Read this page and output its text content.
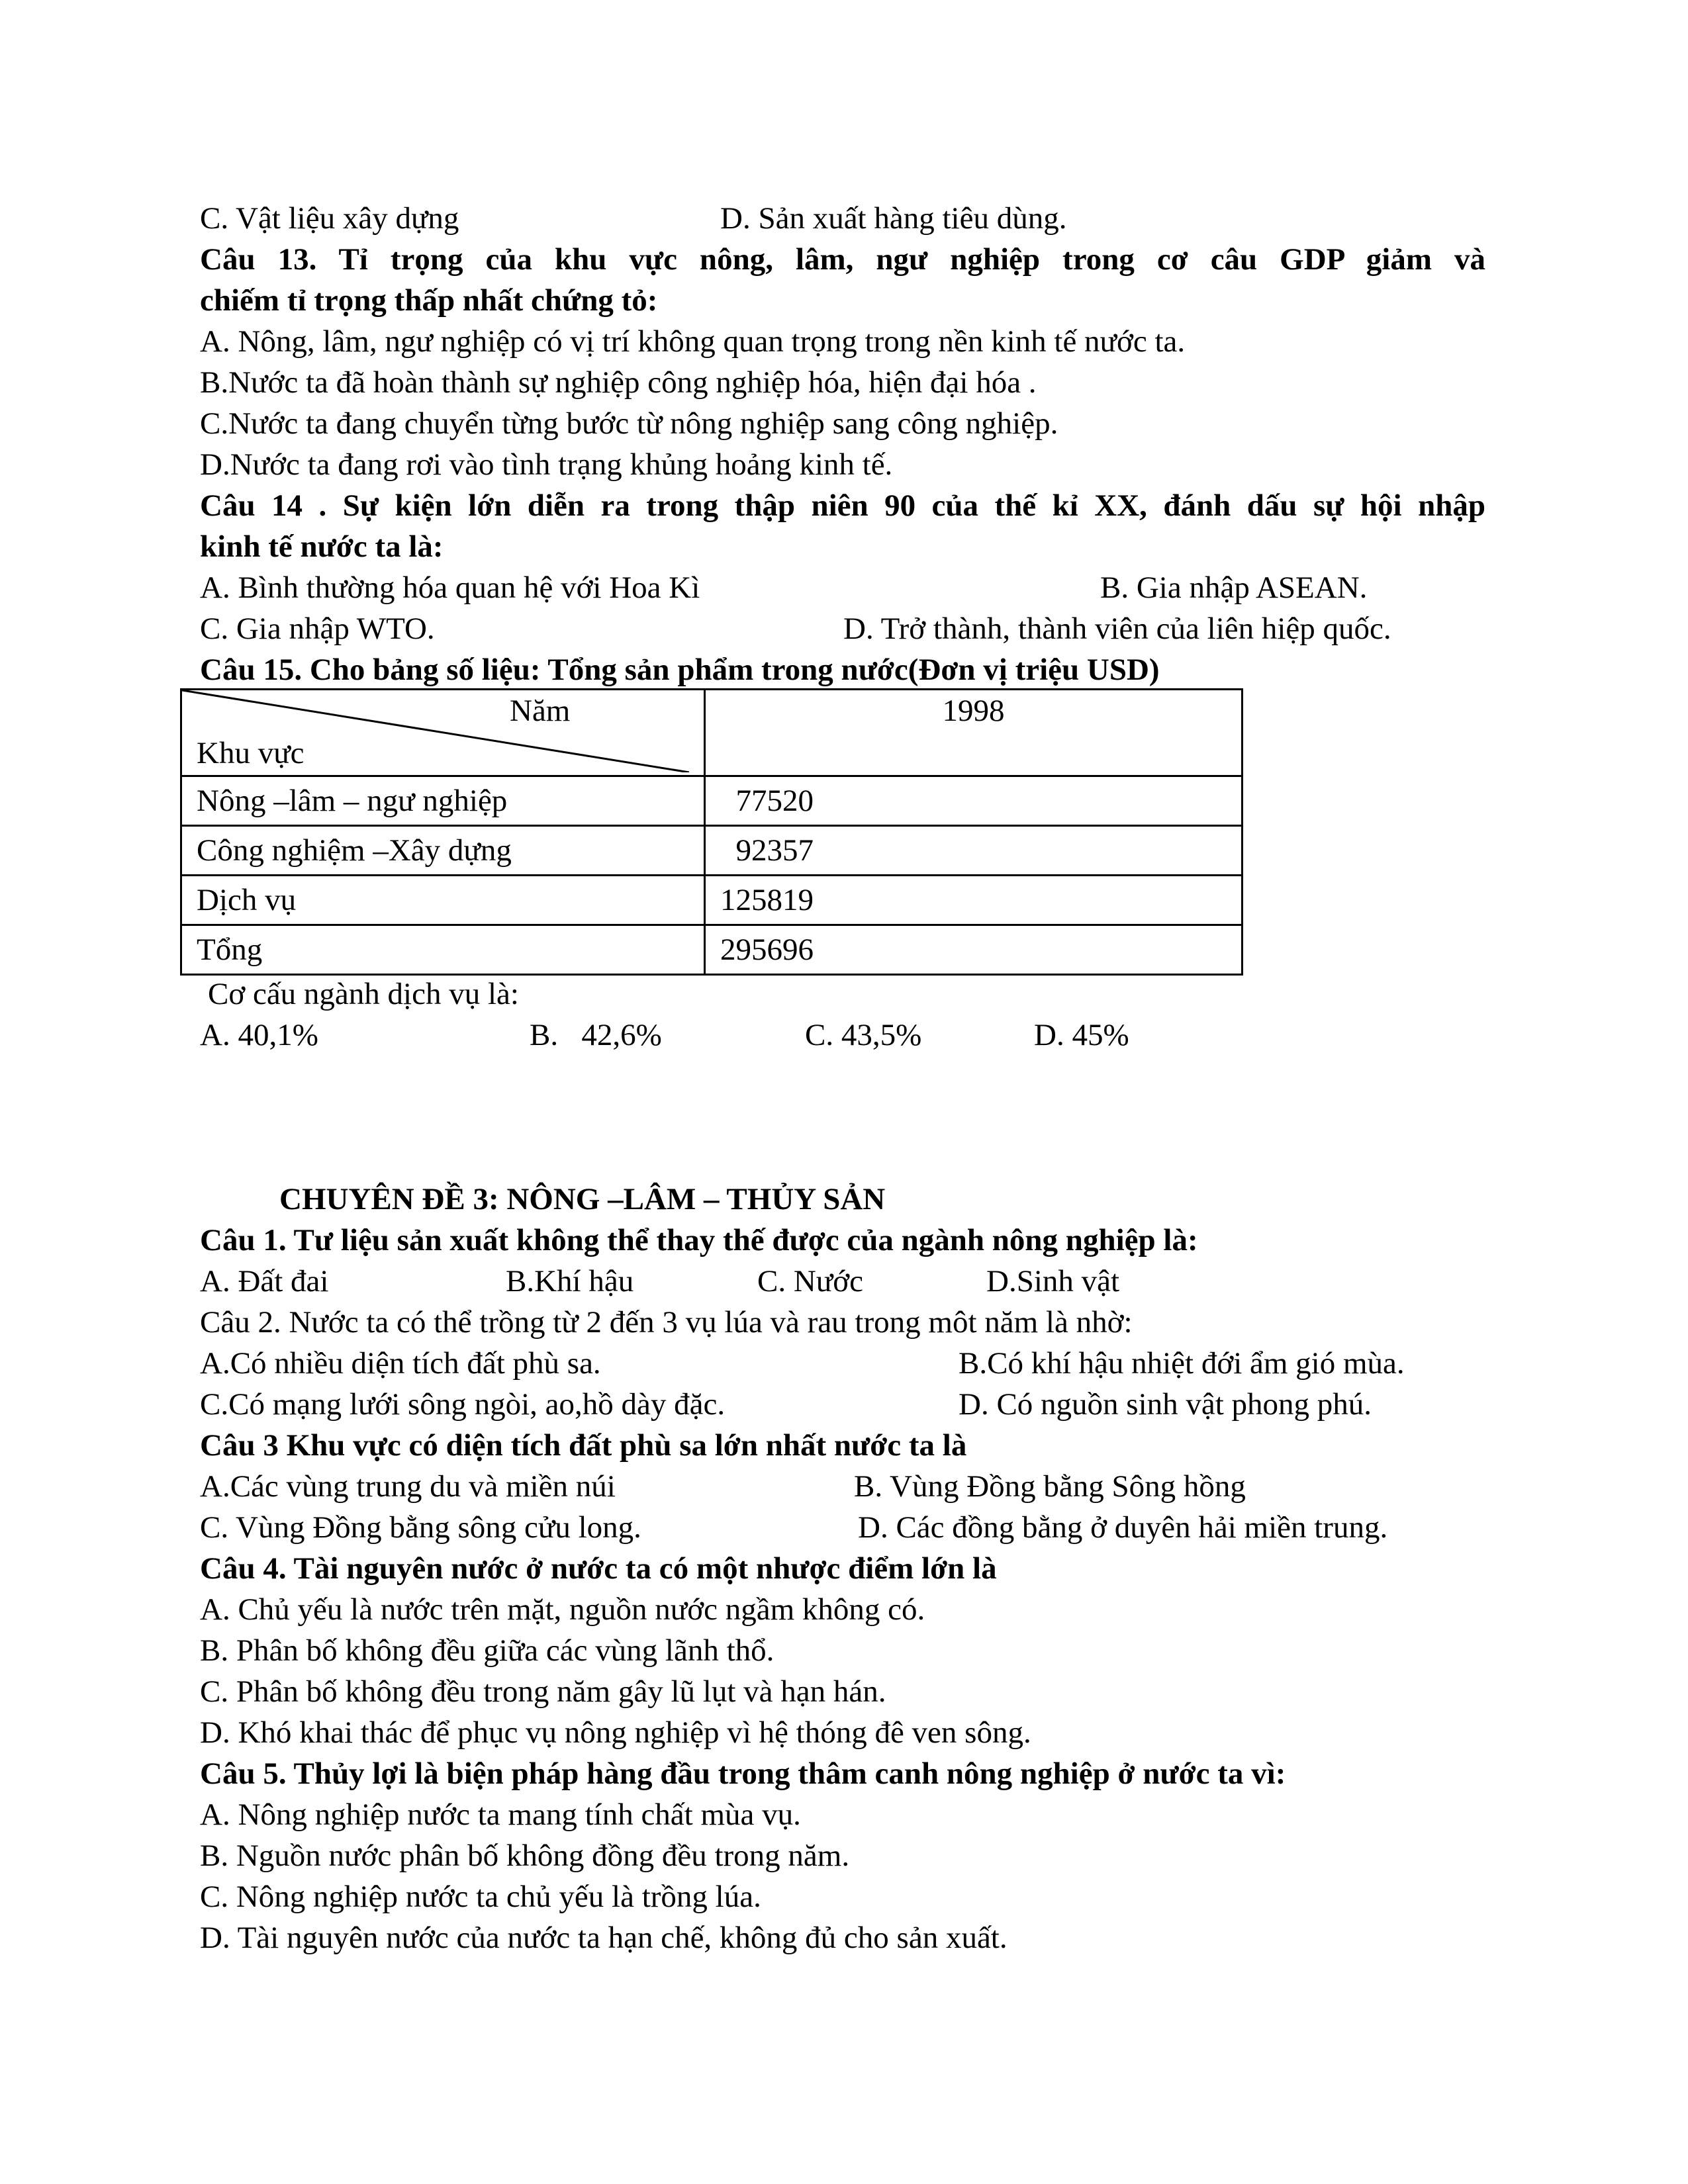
C. Vật liệu xây dựng	D. Sản xuất hàng tiêu dùng.
Câu 13. Tỉ trọng của khu vực nông, lâm, ngư nghiệp trong cơ câu GDP giảm và
chiếm tỉ trọng thấp nhất chứng tỏ:
A. Nông, lâm, ngư nghiệp có vị trí không quan trọng trong nền kinh tế nước ta.
B.Nước ta đã hoàn thành sự nghiệp công nghiệp hóa, hiện đại hóa .
C.Nước ta đang chuyển từng bước từ nông nghiệp sang công nghiệp.
D.Nước ta đang rơi vào tình trạng khủng hoảng kinh tế.
Câu 14 . Sự kiện lớn diễn ra trong thập niên 90 của thế kỉ XX, đánh dấu sự hội nhập
kinh tế nước ta là:
A. Bình thường hóa quan hệ với Hoa Kì	B. Gia nhập ASEAN.
C. Gia nhập WTO.	D. Trở thành, thành viên của liên hiệp quốc.
Câu 15. Cho bảng số liệu: Tổng sản phẩm trong nước(Đơn vị triệu USD)
Năm
Khu vực	1998
Nông –lâm – ngư nghiệp	77520
Công nghiệm –Xây dựng	92357
Dịch vụ	125819
Tổng	295696
Cơ cấu ngành dịch vụ là:
A. 40,1%	B.   42,6%	C. 43,5%	D. 45%
CHUYÊN ĐỀ 3: NÔNG –LÂM – THỦY SẢN
Câu 1. Tư liệu sản xuất không thể thay thế được của ngành nông nghiệp là:
A. Đất đai	B.Khí hậu	C. Nước	D.Sinh vật
Câu 2. Nước ta có thể trồng từ 2 đến 3 vụ lúa và rau trong môt năm là nhờ:
A.Có nhiều diện tích đất phù sa.	B.Có khí hậu nhiệt đới ẩm gió mùa.
C.Có mạng lưới sông ngòi, ao,hồ dày đặc.	D. Có nguồn sinh vật phong phú.
Câu 3 Khu vực có diện tích đất phù sa lớn nhất nước ta là
A.Các vùng trung du và miền núi	B. Vùng Đồng bằng Sông hồng
C. Vùng Đồng bằng sông cửu long.	D. Các đồng bằng ở duyên hải miền trung.
Câu 4. Tài nguyên nước ở nước ta có một nhược điểm lớn là
A. Chủ yếu là nước trên mặt, nguồn nước ngầm không có.
B. Phân bố không đều giữa các vùng lãnh thổ.
C. Phân bố không đều trong năm gây lũ lụt và hạn hán.
D. Khó khai thác để phục vụ nông nghiệp vì hệ thóng đê ven sông.
Câu 5. Thủy lợi là biện pháp hàng đầu trong thâm canh nông nghiệp ở nước ta vì:
A. Nông nghiệp nước ta mang tính chất mùa vụ.
B. Nguồn nước phân bố không đồng đều trong năm.
C. Nông nghiệp nước ta chủ yếu là trồng lúa.
D. Tài nguyên nước của nước ta hạn chế, không đủ cho sản xuất.
